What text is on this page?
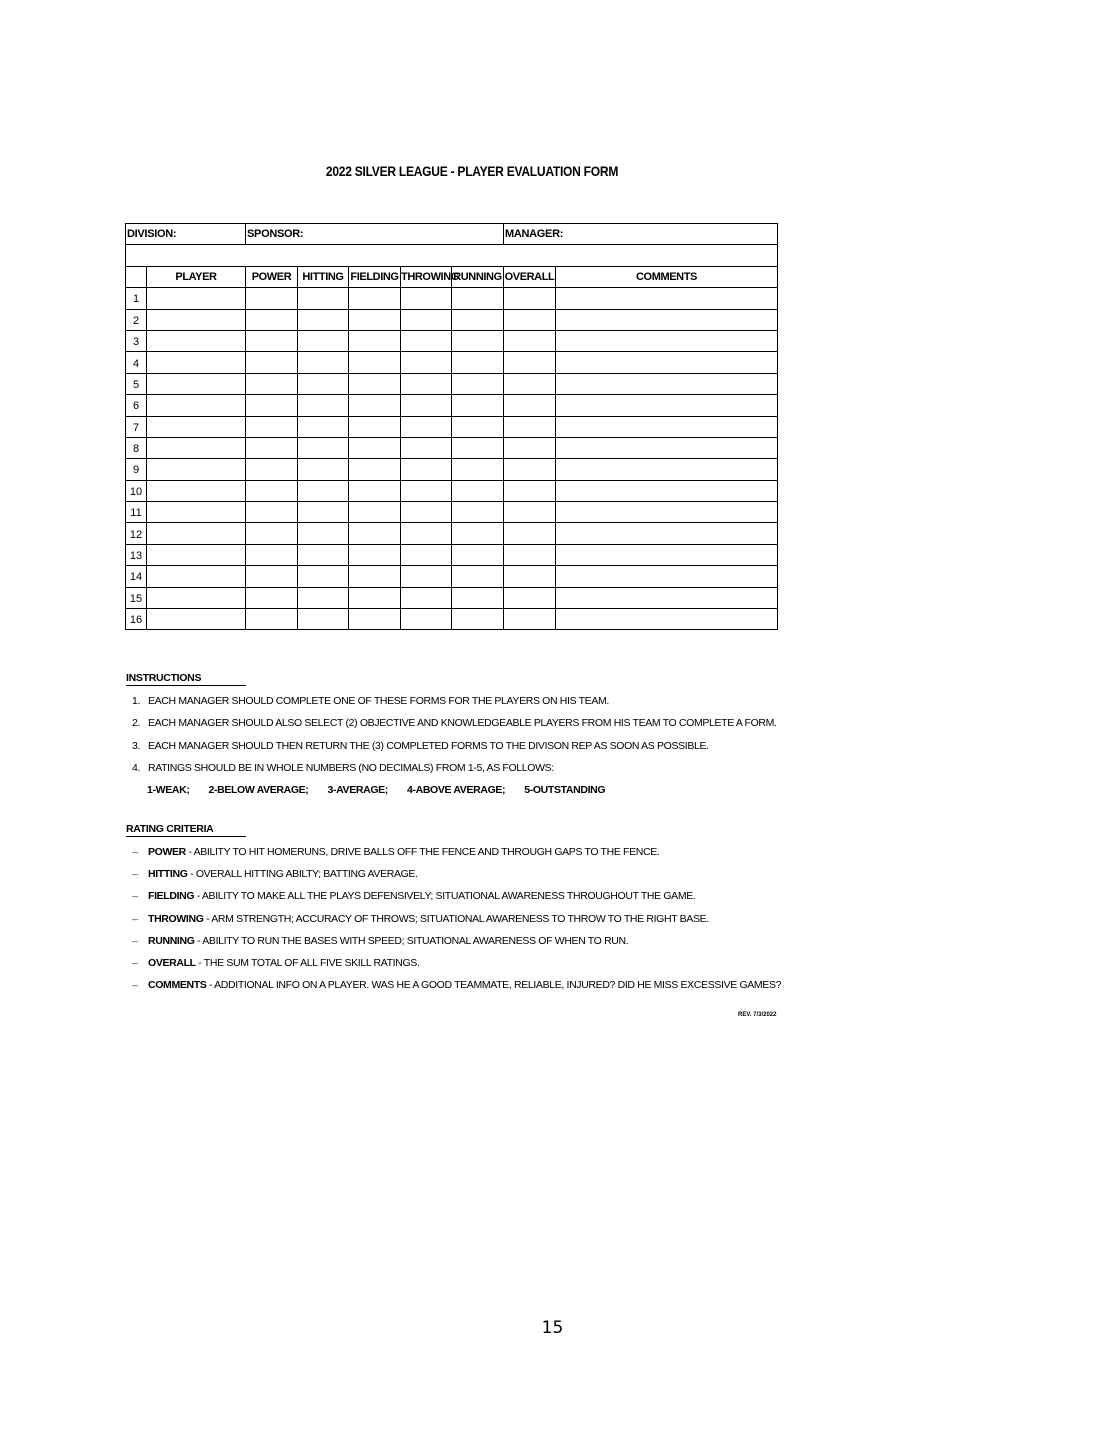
2022 SILVER LEAGUE - PLAYER EVALUATION FORM
DIVISION:		SPONSOR:					MANAGER:	

	PLAYER	POWER	HITTING	FIELDING	THROWING	RUNNING	OVERALL	COMMENTS
1								
2								
3								
4								
5								
6								
7								
8								
9								
10								
11								
12								
13								
14								
15								
16								
INSTRUCTIONS
1. EACH MANAGER SHOULD COMPLETE ONE OF THESE FORMS FOR THE PLAYERS ON HIS TEAM.
2. EACH MANAGER SHOULD ALSO SELECT (2) OBJECTIVE AND KNOWLEDGEABLE PLAYERS FROM HIS TEAM TO COMPLETE A FORM.
3. EACH MANAGER SHOULD THEN RETURN THE (3) COMPLETED FORMS TO THE DIVISON REP AS SOON AS POSSIBLE.
4. RATINGS SHOULD BE IN WHOLE NUMBERS (NO DECIMALS) FROM 1-5, AS FOLLOWS:
1-WEAK; 2-BELOW AVERAGE; 3-AVERAGE; 4-ABOVE AVERAGE; 5-OUTSTANDING
RATING CRITERIA
--- POWER - ABILITY TO HIT HOMERUNS, DRIVE BALLS OFF THE FENCE AND THROUGH GAPS TO THE FENCE.
--- HITTING - OVERALL HITTING ABILTY; BATTING AVERAGE.
--- FIELDING - ABILITY TO MAKE ALL THE PLAYS DEFENSIVELY; SITUATIONAL AWARENESS THROUGHOUT THE GAME.
--- THROWING - ARM STRENGTH; ACCURACY OF THROWS; SITUATIONAL AWARENESS TO THROW TO THE RIGHT BASE.
--- RUNNING - ABILITY TO RUN THE BASES WITH SPEED; SITUATIONAL AWARENESS OF WHEN TO RUN.
--- OVERALL - THE SUM TOTAL OF ALL FIVE SKILL RATINGS.
--- COMMENTS - ADDITIONAL INFO ON A PLAYER. WAS HE A GOOD TEAMMATE, RELIABLE, INJURED? DID HE MISS EXCESSIVE GAMES?
REV. 7/3/2022
15
